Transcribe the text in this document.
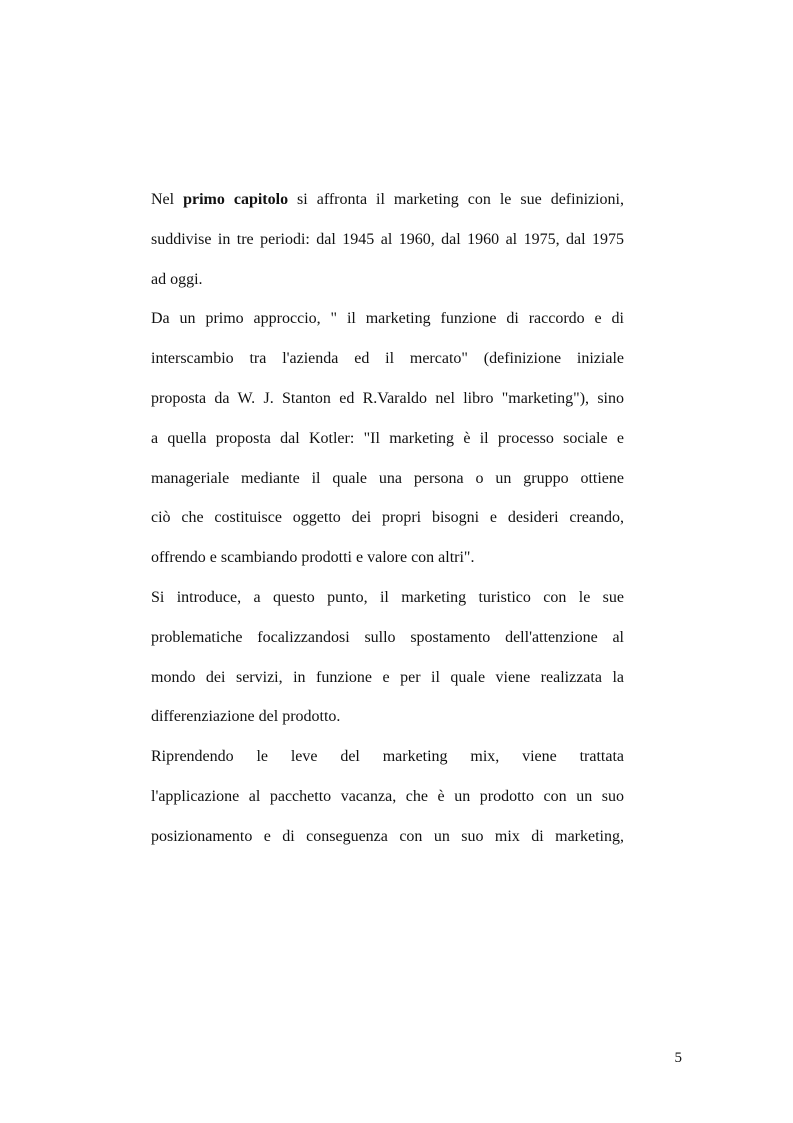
Nel primo capitolo si affronta il marketing con le sue definizioni,
suddivise in tre periodi: dal 1945 al 1960, dal 1960 al 1975, dal 1975
ad oggi.
Da un primo approccio, " il marketing funzione di raccordo e di
interscambio tra l'azienda ed il mercato" (definizione iniziale
proposta da W. J. Stanton ed R.Varaldo nel libro "marketing"), sino
a quella proposta dal Kotler: "Il marketing è il processo sociale e
manageriale mediante il quale una persona o un gruppo ottiene
ciò che costituisce oggetto dei propri bisogni e desideri creando,
offrendo e scambiando prodotti e valore con altri".
Si introduce, a questo punto, il marketing turistico con le sue
problematiche focalizzandosi sullo spostamento dell'attenzione al
mondo dei servizi, in funzione e per il quale viene realizzata la
differenziazione del prodotto.
Riprendendo le leve del marketing mix, viene trattata
l'applicazione al pacchetto vacanza, che è un prodotto con un suo
posizionamento e di conseguenza con un suo mix di marketing,
5
